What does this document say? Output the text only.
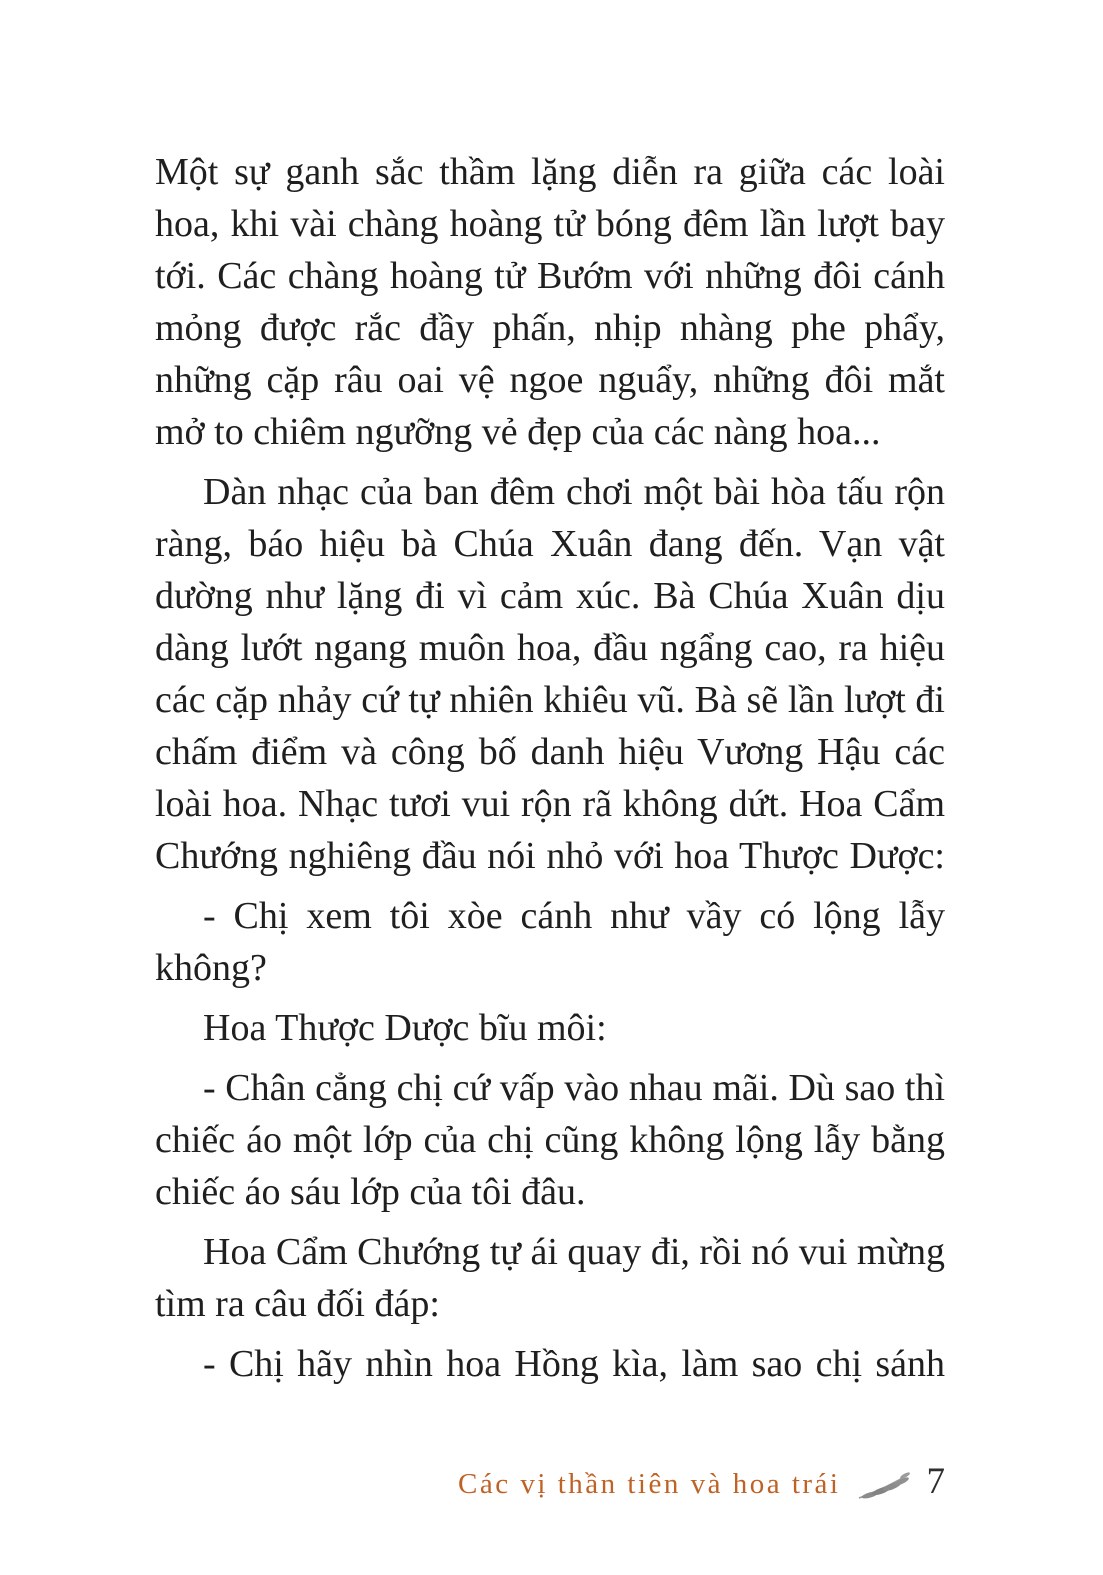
Một sự ganh sắc thầm lặng diễn ra giữa các loài
hoa, khi vài chàng hoàng tử bóng đêm lần lượt bay
tới. Các chàng hoàng tử Bướm với những đôi cánh
mỏng được rắc đầy phấn, nhịp nhàng phe phẩy,
những cặp râu oai vệ ngoe nguẩy, những đôi mắt
mở to chiêm ngưỡng vẻ đẹp của các nàng hoa...
Dàn nhạc của ban đêm chơi một bài hòa tấu rộn
ràng, báo hiệu bà Chúa Xuân đang đến. Vạn vật
dường như lặng đi vì cảm xúc. Bà Chúa Xuân dịu
dàng lướt ngang muôn hoa, đầu ngẩng cao, ra hiệu
các cặp nhảy cứ tự nhiên khiêu vũ. Bà sẽ lần lượt đi
chấm điểm và công bố danh hiệu Vương Hậu các
loài hoa. Nhạc tươi vui rộn rã không dứt. Hoa Cẩm
Chướng nghiêng đầu nói nhỏ với hoa Thược Dược:
- Chị xem tôi xòe cánh như vầy có lộng lẫy
không?
Hoa Thược Dược bĩu môi:
- Chân cẳng chị cứ vấp vào nhau mãi. Dù sao thì
chiếc áo một lớp của chị cũng không lộng lẫy bằng
chiếc áo sáu lớp của tôi đâu.
Hoa Cẩm Chướng tự ái quay đi, rồi nó vui mừng
tìm ra câu đối đáp:
- Chị hãy nhìn hoa Hồng kìa, làm sao chị sánh
Các vị thần tiên và hoa trái 7
